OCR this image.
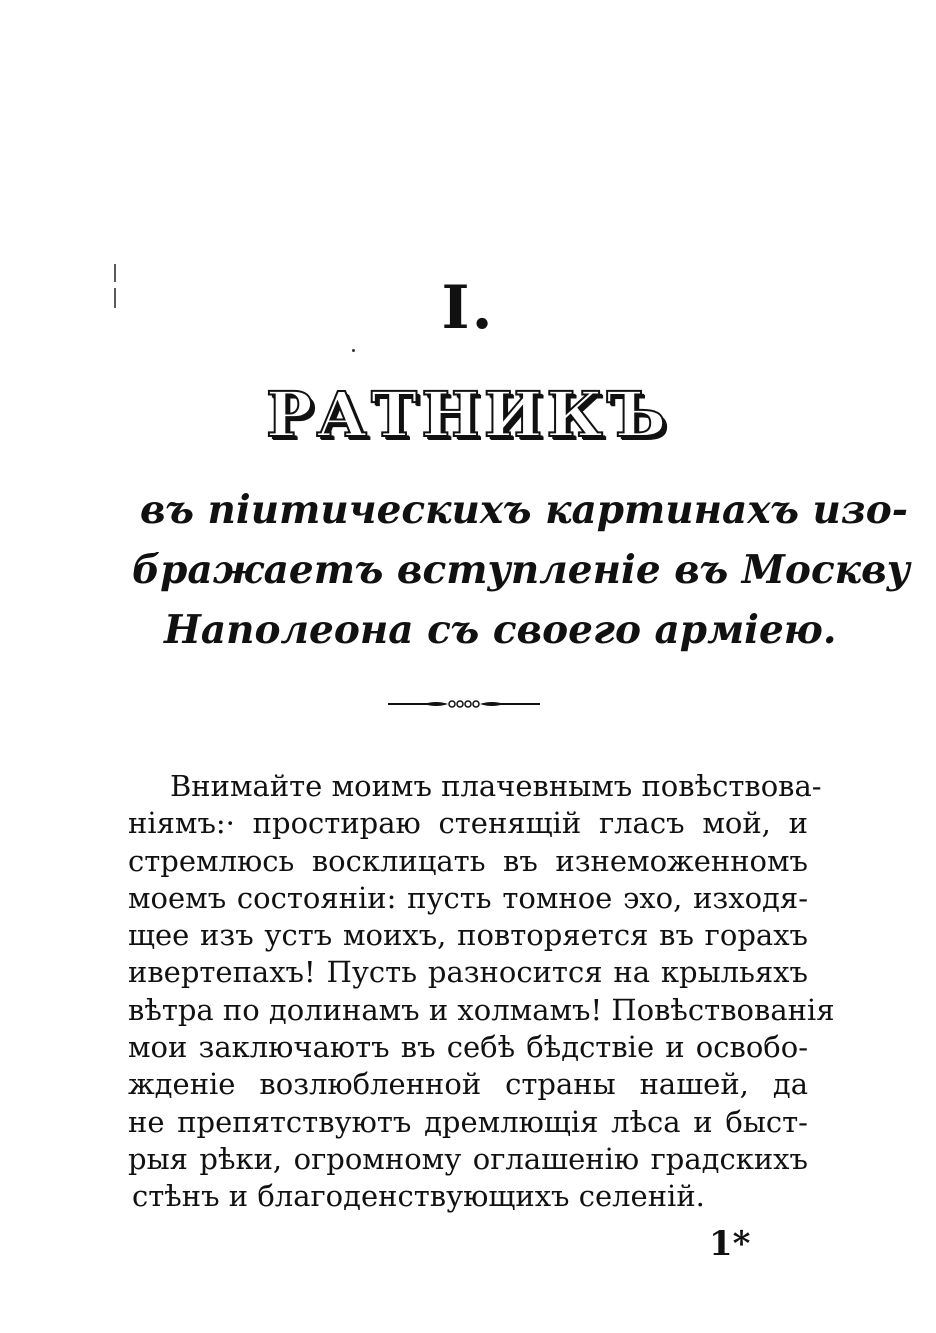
I.
РАТНИКЪ
въ піитическихъ картинахъ изо-
бражаетъ вступленіе въ Москву
Наполеона съ своего арміею.
Внимайте моимъ плачевнымъ повѣствова-
ніямъ:· простираю стенящій гласъ мой, и
стремлюсь восклицать въ изнеможенномъ
моемъ состояніи: пусть томное эхо, изходя-
щее изъ устъ моихъ, повторяется въ горахъ
ивертепахъ! Пусть разносится на крыльяхъ
вѣтра по долинамъ и холмамъ! Повѣствованія
мои заключаютъ въ себѣ бѣдствіе и освобо-
жденіе возлюбленной страны нашей, да
не препятствуютъ дремлющія лѣса и быст-
рыя рѣки, огромному оглашенію градскихъ
стѣнъ и благоденствующихъ селеній.
1*
